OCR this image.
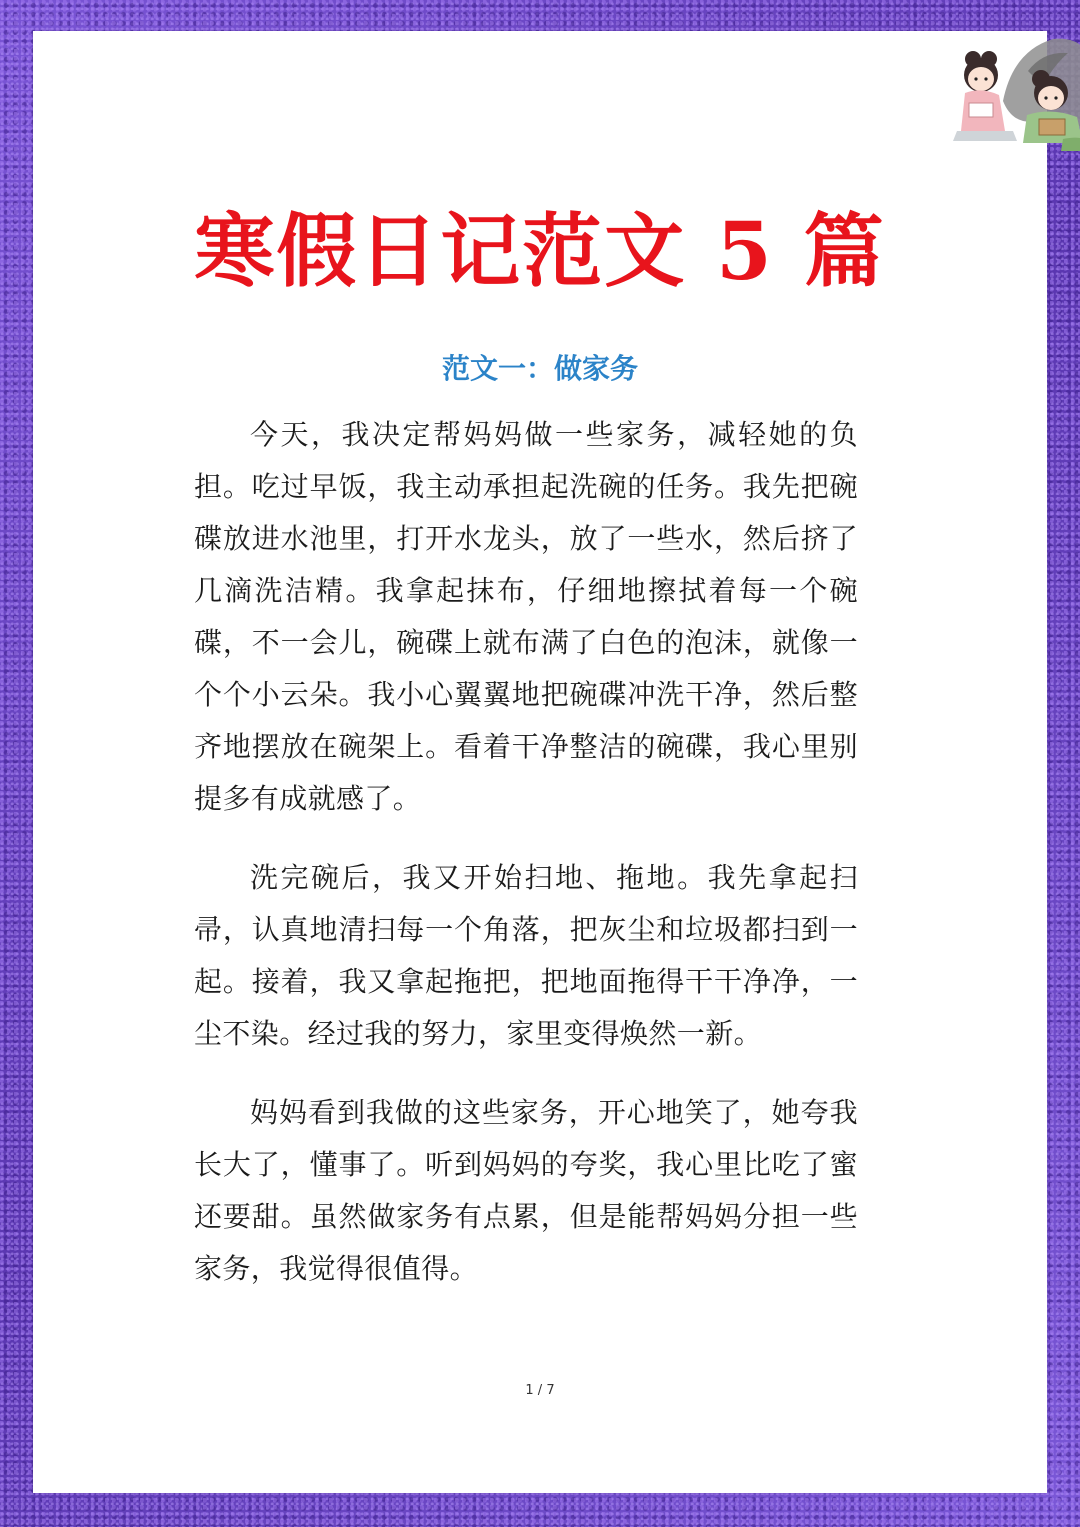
寒假日记范文 5 篇
范文一：做家务

今天，我决定帮妈妈做一些家务，减轻她的负担。吃过早饭，我主动承担起洗碗的任务。我先把碗碟放进水池里，打开水龙头，放了一些水，然后挤了几滴洗洁精。我拿起抹布，仔细地擦拭着每一个碗碟，不一会儿，碗碟上就布满了白色的泡沫，就像一个个小云朵。我小心翼翼地把碗碟冲洗干净，然后整齐地摆放在碗架上。看着干净整洁的碗碟，我心里别提多有成就感了。

洗完碗后，我又开始扫地、拖地。我先拿起扫帚，认真地清扫每一个角落，把灰尘和垃圾都扫到一起。接着，我又拿起拖把，把地面拖得干干净净，一尘不染。经过我的努力，家里变得焕然一新。

妈妈看到我做的这些家务，开心地笑了，她夸我长大了，懂事了。听到妈妈的夸奖，我心里比吃了蜜还要甜。虽然做家务有点累，但是能帮妈妈分担一些家务，我觉得很值得。

1 / 7
